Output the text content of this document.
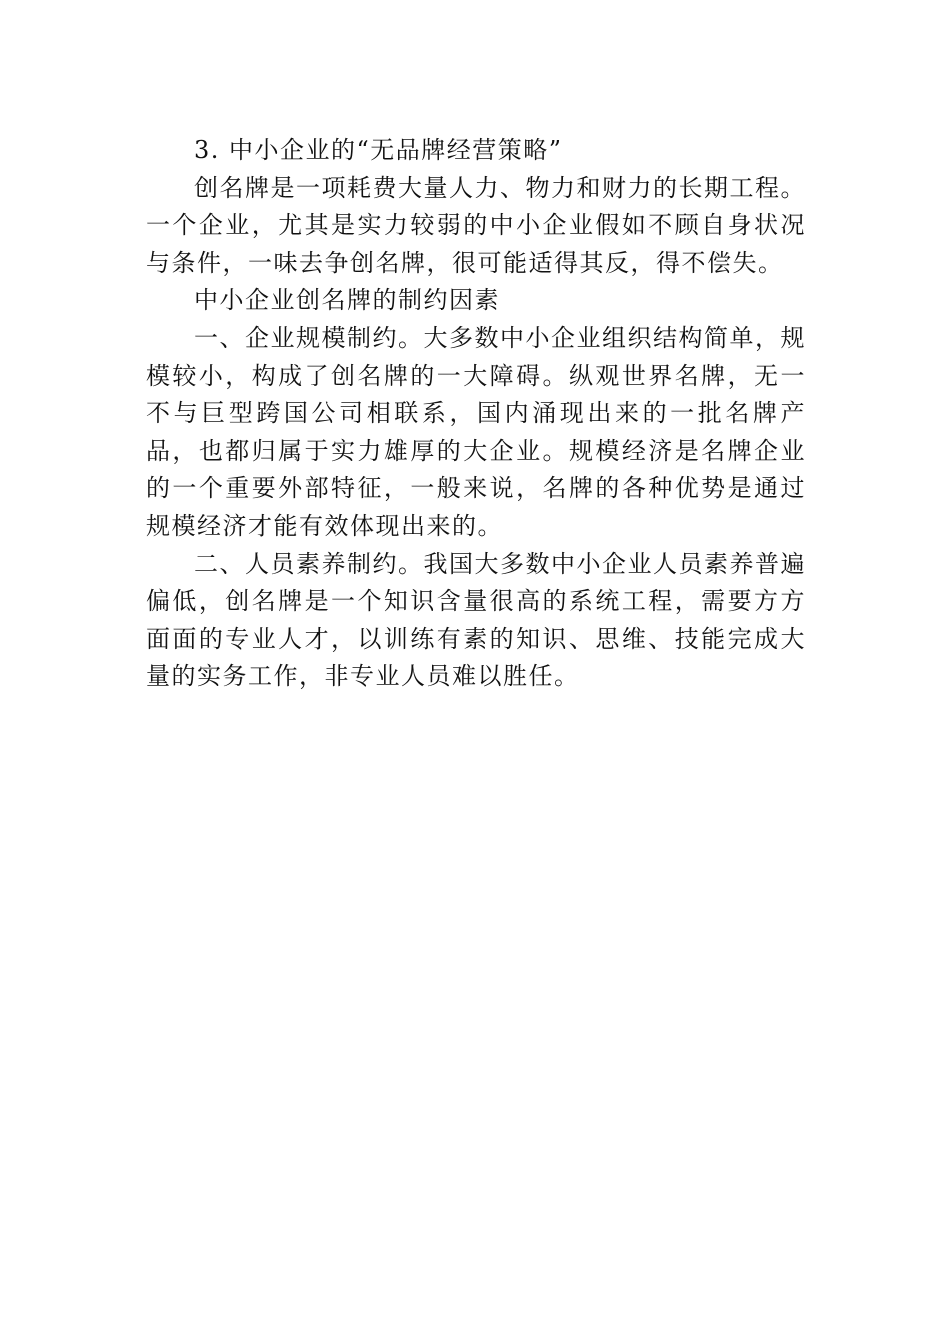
3. 中小企业的“无品牌经营策略”

创名牌是一项耗费大量人力、物力和财力的长期工程。一个企业，尤其是实力较弱的中小企业假如不顾自身状况与条件，一味去争创名牌，很可能适得其反，得不偿失。

中小企业创名牌的制约因素

一、企业规模制约。大多数中小企业组织结构简单，规模较小，构成了创名牌的一大障碍。纵观世界名牌，无一不与巨型跨国公司相联系，国内涌现出来的一批名牌产品，也都归属于实力雄厚的大企业。规模经济是名牌企业的一个重要外部特征，一般来说，名牌的各种优势是通过规模经济才能有效体现出来的。

二、人员素养制约。我国大多数中小企业人员素养普遍偏低，创名牌是一个知识含量很高的系统工程，需要方方面面的专业人才，以训练有素的知识、思维、技能完成大量的实务工作，非专业人员难以胜任。
